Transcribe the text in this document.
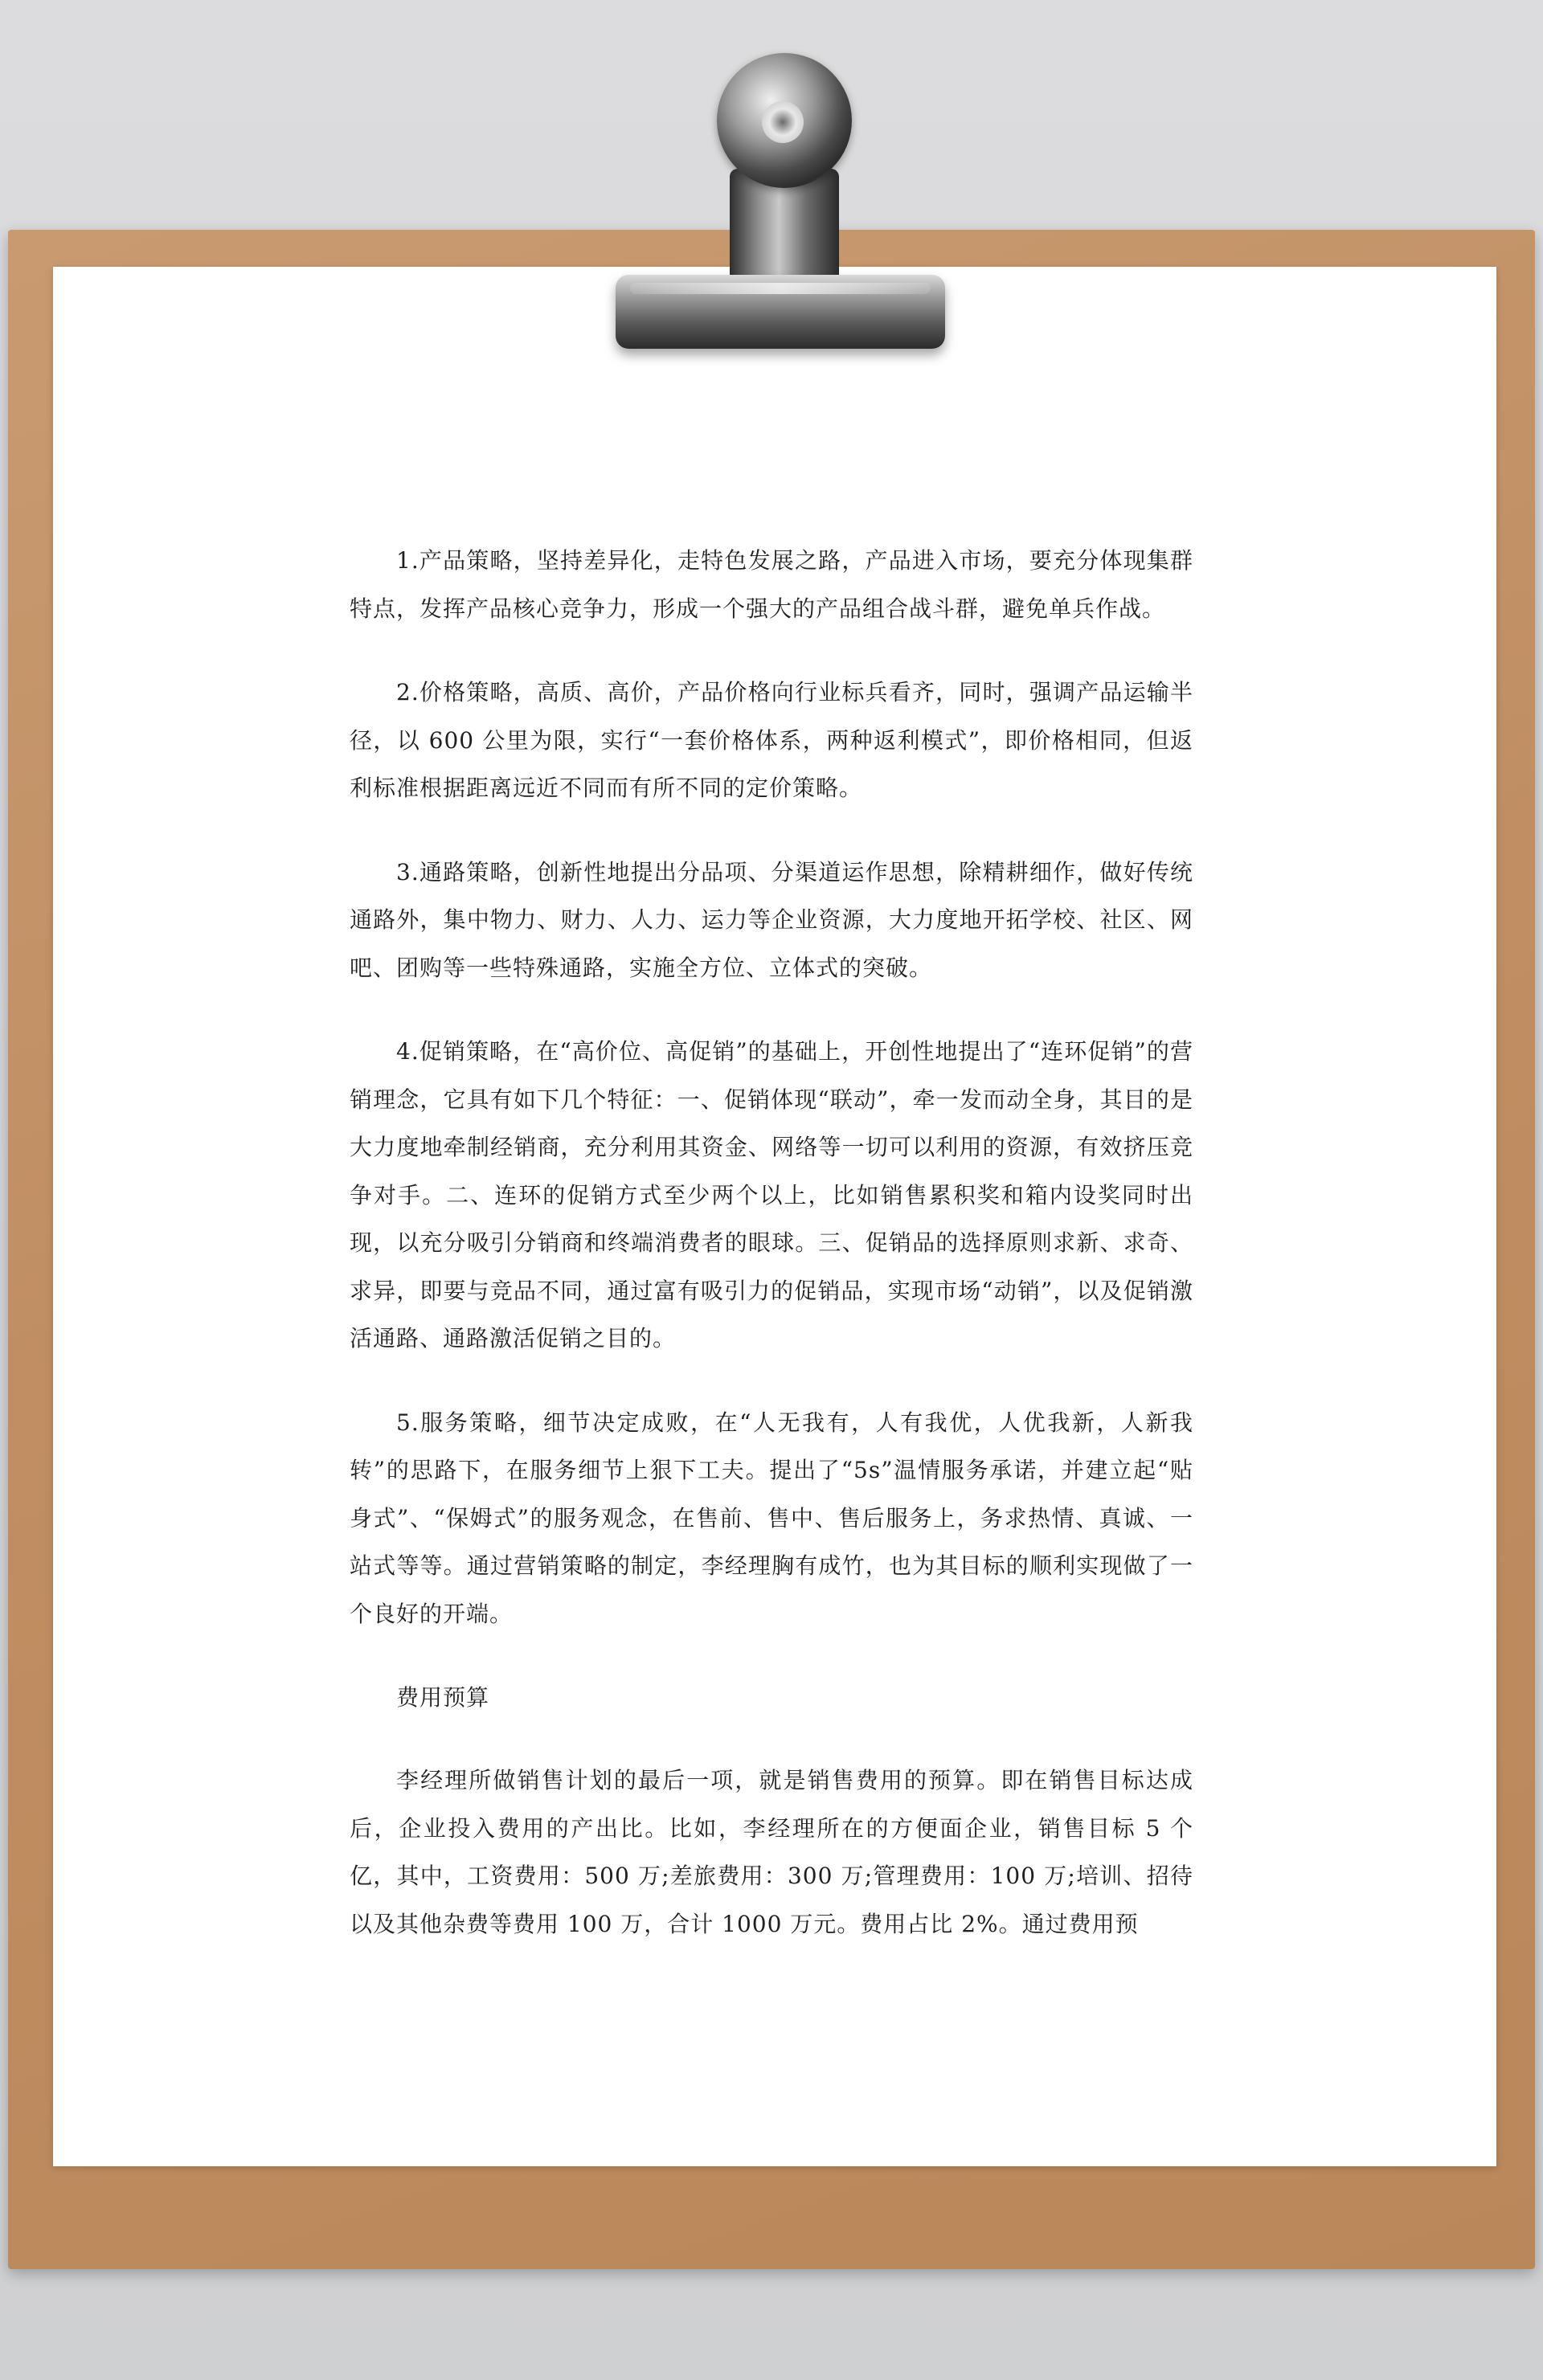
1.产品策略，坚持差异化，走特色发展之路，产品进入市场，要充分体现集群特点，发挥产品核心竞争力，形成一个强大的产品组合战斗群，避免单兵作战。

2.价格策略，高质、高价，产品价格向行业标兵看齐，同时，强调产品运输半径，以 600 公里为限，实行“一套价格体系，两种返利模式”，即价格相同，但返利标准根据距离远近不同而有所不同的定价策略。

3.通路策略，创新性地提出分品项、分渠道运作思想，除精耕细作，做好传统通路外，集中物力、财力、人力、运力等企业资源，大力度地开拓学校、社区、网吧、团购等一些特殊通路，实施全方位、立体式的突破。

4.促销策略，在“高价位、高促销”的基础上，开创性地提出了“连环促销”的营销理念，它具有如下几个特征：一、促销体现“联动”，牵一发而动全身，其目的是大力度地牵制经销商，充分利用其资金、网络等一切可以利用的资源，有效挤压竞争对手。二、连环的促销方式至少两个以上，比如销售累积奖和箱内设奖同时出现，以充分吸引分销商和终端消费者的眼球。三、促销品的选择原则求新、求奇、求异，即要与竞品不同，通过富有吸引力的促销品，实现市场“动销”，以及促销激活通路、通路激活促销之目的。

5.服务策略，细节决定成败，在“人无我有，人有我优，人优我新，人新我转”的思路下，在服务细节上狠下工夫。提出了“5s”温情服务承诺，并建立起“贴身式”、“保姆式”的服务观念，在售前、售中、售后服务上，务求热情、真诚、一站式等等。通过营销策略的制定，李经理胸有成竹，也为其目标的顺利实现做了一个良好的开端。

费用预算

李经理所做销售计划的最后一项，就是销售费用的预算。即在销售目标达成后，企业投入费用的产出比。比如，李经理所在的方便面企业，销售目标 5 个亿，其中，工资费用：500 万;差旅费用：300 万;管理费用：100 万;培训、招待以及其他杂费等费用 100 万，合计 1000 万元。费用占比 2%。通过费用预
